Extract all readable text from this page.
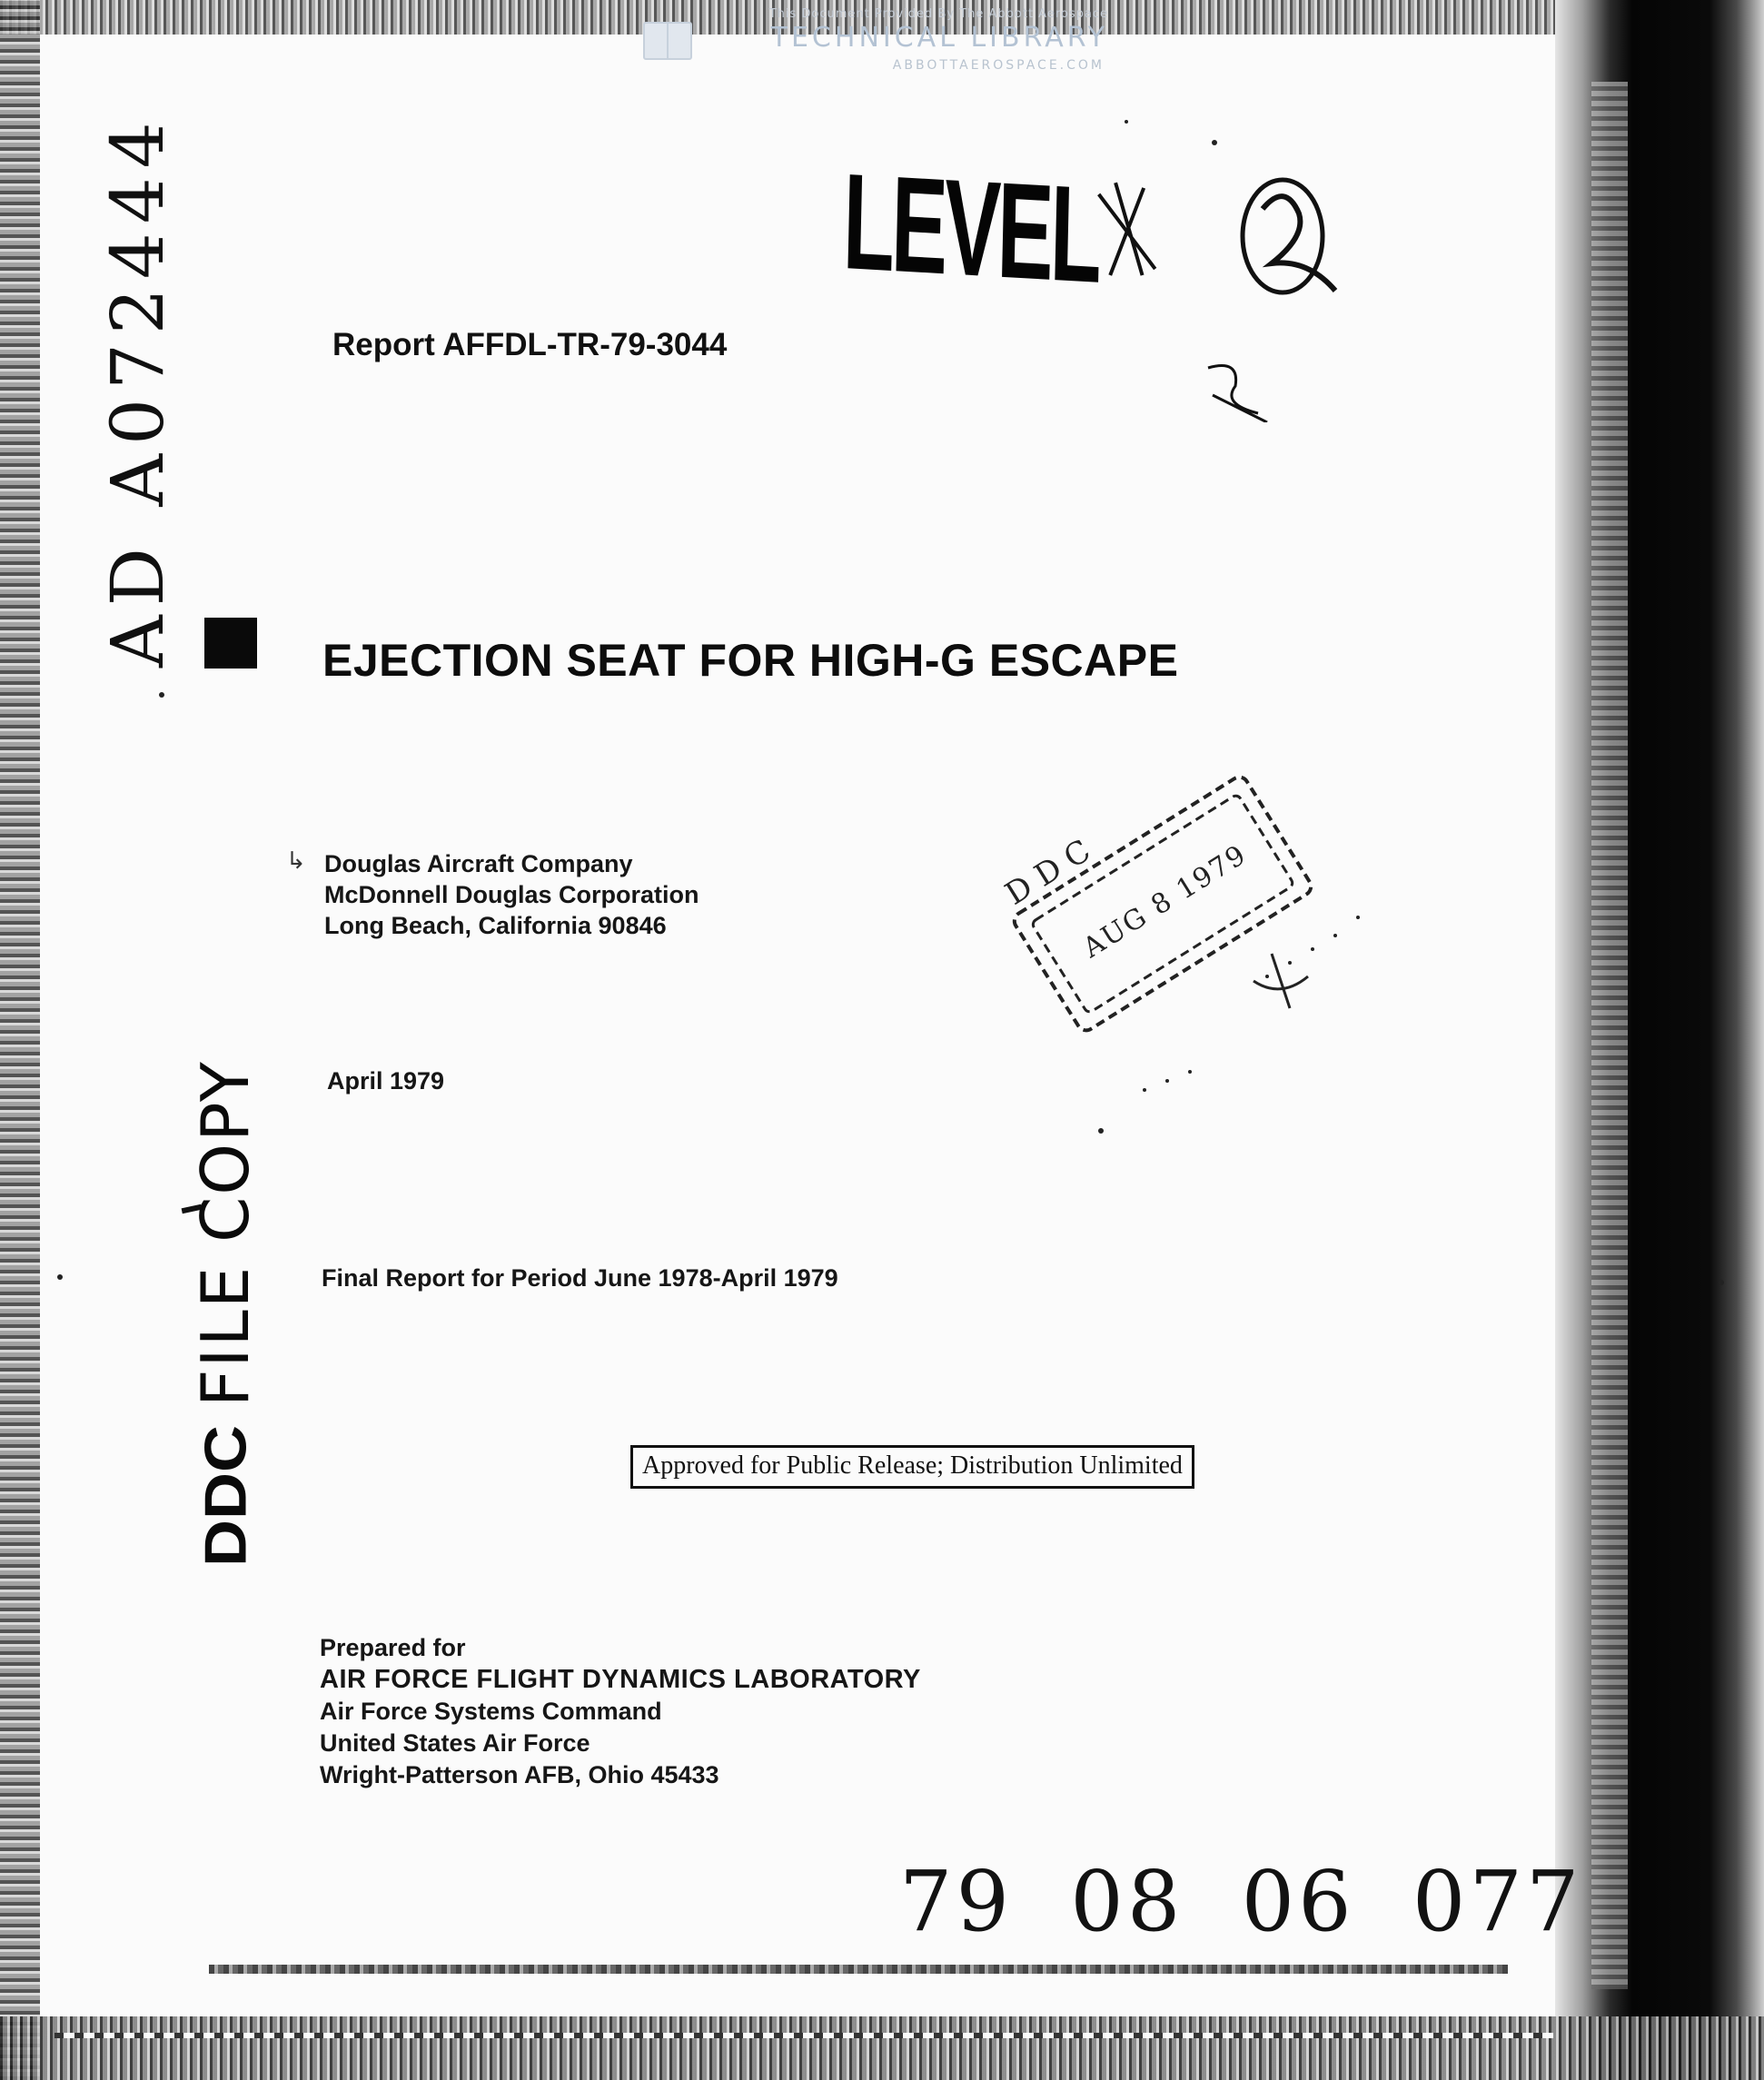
This Document Provided By The Abbott Aerospace
TECHNICAL LIBRARY
ABBOTTAEROSPACE.COM
LEVEL
AD A072444
DDC FILE COPY
Report AFFDL-TR-79-3044
EJECTION SEAT FOR HIGH-G ESCAPE
↳ Douglas Aircraft Company
McDonnell Douglas Corporation
Long Beach, California 90846
D D C
AUG 8 1979
April 1979
Final Report for Period June 1978-April 1979
Approved for Public Release; Distribution Unlimited
Prepared for
AIR FORCE FLIGHT DYNAMICS LABORATORY
Air Force Systems Command
United States Air Force
Wright-Patterson AFB, Ohio 45433
79 08 06 077
